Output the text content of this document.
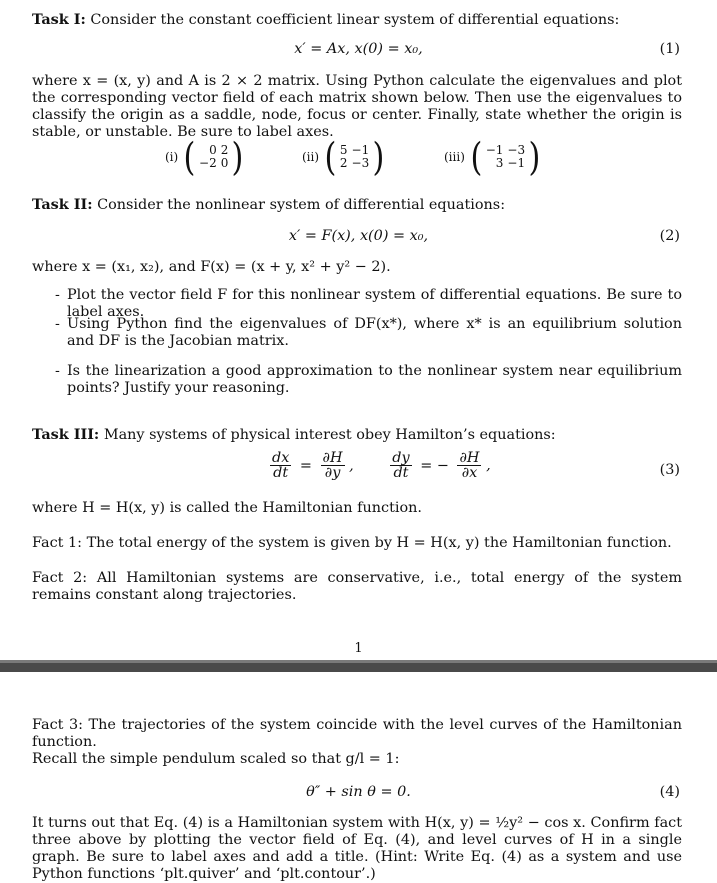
Task I: Consider the constant coefficient linear system of differential equations:
x′ = Ax, x(0) = x₀,	(1)
where x = (x, y) and A is 2 × 2 matrix. Using Python calculate the eigenvalues and plot the corresponding vector field of each matrix shown below. Then use the eigenvalues to classify the origin as a saddle, node, focus or center. Finally, state whether the origin is stable, or unstable. Be sure to label axes.
(i) ( 0	2
−2	0 )	(ii) ( 5	−1
2	−3 )	(iii) ( −1	−3
3	−1 )
Task II: Consider the nonlinear system of differential equations:
x′ = F(x), x(0) = x₀,	(2)
where x = (x₁, x₂), and F(x) = (x + y, x² + y² − 2).
- Plot the vector field F for this nonlinear system of differential equations. Be sure to label axes.
- Using Python find the eigenvalues of DF(x*), where x* is an equilibrium solution and DF is the Jacobian matrix.
- Is the linearization a good approximation to the nonlinear system near equilibrium points? Justify your reasoning.
Task III: Many systems of physical interest obey Hamilton’s equations:
$\frac{dx}{dt} = \frac{\partial H}{\partial y}$ ,	$\frac{dy}{dt}$ = − $\frac{\partial H}{\partial x}$ ,	(3)
where H = H(x, y) is called the Hamiltonian function.
Fact 1: The total energy of the system is given by H = H(x, y) the Hamiltonian function.
Fact 2: All Hamiltonian systems are conservative, i.e., total energy of the system remains constant along trajectories.
1
Fact 3: The trajectories of the system coincide with the level curves of the Hamiltonian function.
Recall the simple pendulum scaled so that g/l = 1:
θ″ + sin θ = 0.	(4)
It turns out that Eq. (4) is a Hamiltonian system with H(x, y) = ½y² − cos x. Confirm fact three above by plotting the vector field of Eq. (4), and level curves of H in a single graph. Be sure to label axes and add a title. (Hint: Write Eq. (4) as a system and use Python functions ‘plt.quiver’ and ‘plt.contour’.)
